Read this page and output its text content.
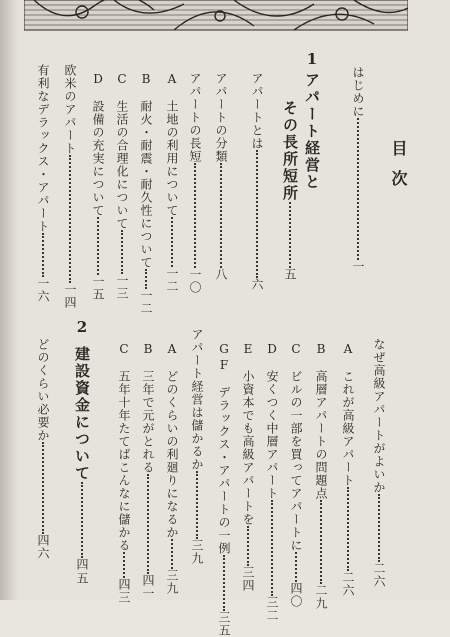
目次
はじめに一
1
アパート経営と
その長所短所五
アパートとは六
アパートの分類八
アパートの長短一〇
A　土地の利用について一二
B　耐火・耐震・耐久性について一二
C　生活の合理化について一三
D　設備の充実について一五
欧米のアパート一四
有利なデラックス・アパート一六
なぜ高級アパートがよいか二六
A　これが高級アパート二六
B　高層アパートの問題点二九
C　ビルの一部を買ってアパートに四〇
D　安くつく中層アパート三二
E　小資本でも高級アパートを三四
F　デラックス・アパートの一例三五
G
アパート経営は儲かるか三九
A　どのくらいの利廻りになるか三九
B　三年で元がとれる四一
C　五年十年たてばこんなに儲かる四三
2
建設資金について四五
どのくらい必要か四六
